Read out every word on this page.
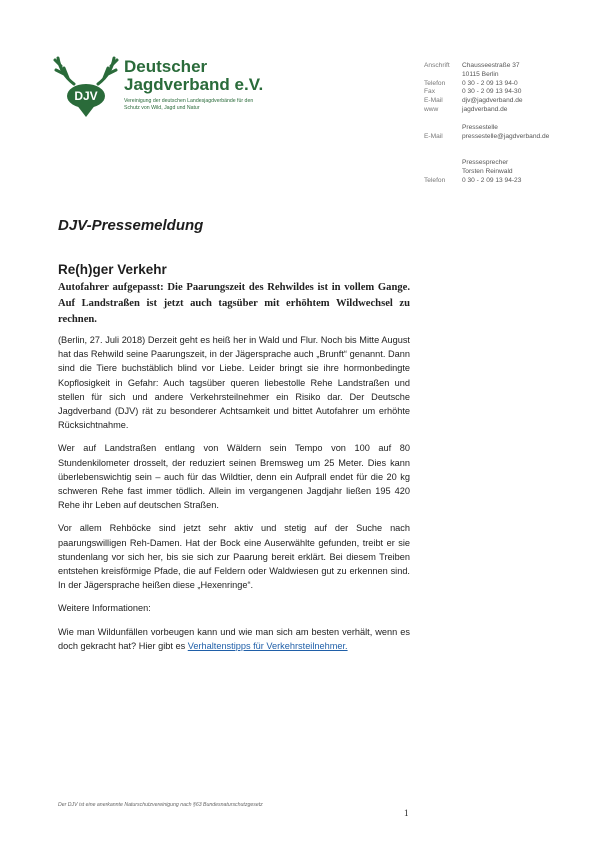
DJV
Deutscher
Jagdverband e.V.
Vereinigung der deutschen Landesjagdverbände für den Schutz von Wild, Jagd und Natur
Anschrift	Chausseestraße 37
10115 Berlin
Telefon	0 30 - 2 09 13 94-0
Fax	0 30 - 2 09 13 94-30
E-Mail	djv@jagdverband.de
www	jagdverband.de
Pressestelle
E-Mail	pressestelle@jagdverband.de
Pressesprecher
Torsten Reinwald
Telefon	0 30 - 2 09 13 94-23
DJV-Pressemeldung
Re(h)ger Verkehr
Autofahrer aufgepasst: Die Paarungszeit des Rehwildes ist in vollem Gange. Auf Landstraßen ist jetzt auch tagsüber mit erhöhtem Wildwechsel zu rechnen.

(Berlin, 27. Juli 2018) Derzeit geht es heiß her in Wald und Flur. Noch bis Mitte August hat das Rehwild seine Paarungszeit, in der Jägersprache auch „Brunft“ genannt. Dann sind die Tiere buchstäblich blind vor Liebe. Leider bringt sie ihre hormonbedingte Kopflosigkeit in Gefahr: Auch tagsüber queren liebestolle Rehe Landstraßen und stellen für sich und andere Verkehrsteilnehmer ein Risiko dar. Der Deutsche Jagdverband (DJV) rät zu besonderer Achtsamkeit und bittet Autofahrer um erhöhte Rücksichtnahme.

Wer auf Landstraßen entlang von Wäldern sein Tempo von 100 auf 80 Stundenkilometer drosselt, der reduziert seinen Bremsweg um 25 Meter. Dies kann überlebenswichtig sein – auch für das Wildtier, denn ein Aufprall endet für die 20 kg schweren Rehe fast immer tödlich. Allein im vergangenen Jagdjahr ließen 195 420 Rehe ihr Leben auf deutschen Straßen.

Vor allem Rehböcke sind jetzt sehr aktiv und stetig auf der Suche nach paarungswilligen Reh-Damen. Hat der Bock eine Auserwählte gefunden, treibt er sie stundenlang vor sich her, bis sie sich zur Paarung bereit erklärt. Bei diesem Treiben entstehen kreisförmige Pfade, die auf Feldern oder Waldwiesen gut zu erkennen sind. In der Jägersprache heißen diese „Hexenringe“.

Weitere Informationen:

Wie man Wildunfällen vorbeugen kann und wie man sich am besten verhält, wenn es doch gekracht hat? Hier gibt es Verhaltenstipps für Verkehrsteilnehmer.

Der DJV ist eine anerkannte Naturschutzvereinigung nach §63 Bundesnaturschutzgesetz
1
